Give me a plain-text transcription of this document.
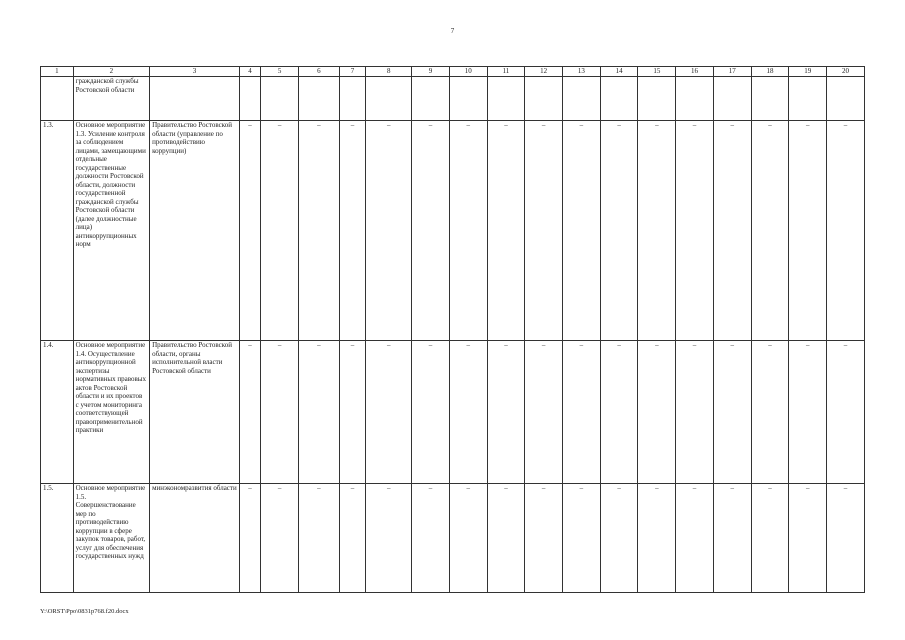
7
1	2	3	4	5	6	7	8	9	10	11	12	13	14	15	16	17	18	19	20
	гражданской службы Ростовской области																		
1.3.	Основное мероприятие 1.3. Усиление контроля за соблюдением лицами, замещающими отдельные государственные должности Ростовской области, должности государственной гражданской службы Ростовской области (далее должностные лица) антикоррупционных норм	Правительство Ростовской области (управление по противодействию коррупции)	–	–	–	–	–	–	–	–	–	–	–	–	–	–	–	–	–
1.4.	Основное мероприятие 1.4. Осуществление антикоррупционной экспертизы нормативных правовых актов Ростовской области и их проектов с учетом мониторинга соответствующей правоприменительной практики	Правительство Ростовской области, органы исполнительной власти Ростовской области	–	–	–	–	–	–	–	–	–	–	–	–	–	–	–	–	–
1.5.	Основное мероприятие 1.5. Совершенствование мер по противодействию коррупции в сфере закупок товаров, работ, услуг для обеспечения государственных нужд	минэкономразвития области	–	–	–	–	–	–	–	–	–	–	–	–	–	–	–	–	–
Y:\ORST\Ppo\0831p768.f20.docx
